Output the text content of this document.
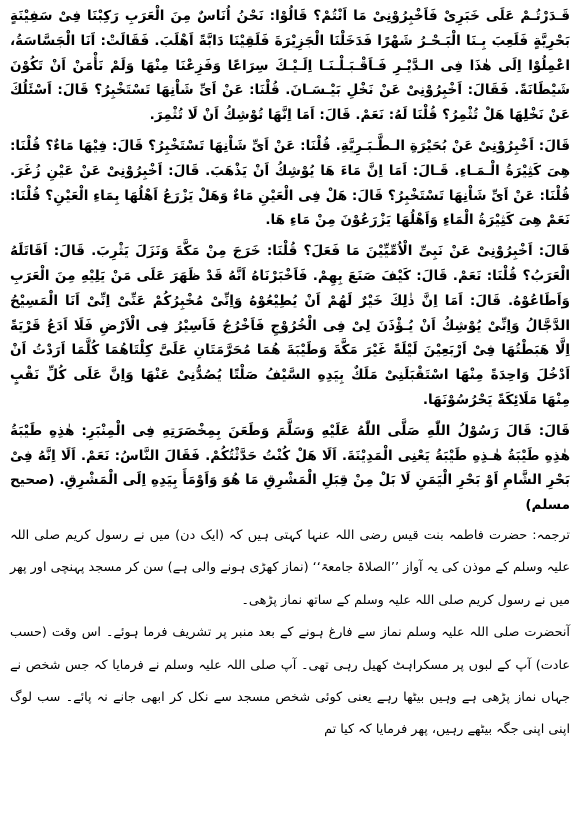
قَـدَرْتُـمْ عَلَى خَبَرِىْ فَاَخْبِرُوْنِىْ مَا اَنْتُمْ؟ قَالُوْا: نَحْنُ اُنَاسٌ مِنَ الْعَرَبِ رَكِبْنَا فِىْ سَفِيْنَةٍ بَحْرِيَّةٍ فَلَعِبَ بِـنَا الْبَـحْـرُ شَهْرًا فَدَخَلْنَا الْجَزِيْرَةَ فَلَقِيْنَا دَابَّةً اَهْلَبَ. فَقَالَتْ: اَنَا الْجَسَّاسَةُ، اعْمِلُوْا اِلَى هٰذَا فِى الـدَّيْـرِ فَـاَقْـبَـلْـنَـا اِلَـيْـكَ سِرَاعًا وَفَزِعْنَا مِنْهَا وَلَمْ نَأْمَنْ اَنْ تَكُوْنَ شَيْطَانَةً. فَقَالَ: اَخْبِرُوْنِىْ عَنْ نَخْلِ بَيْـسَـانَ. قُلْنَا: عَنْ اَىِّ شَاْنِهَا تَسْتَخْبِرُ؟ قَالَ: اَسْئَلُكَ عَنْ نَخْلِهَا هَلْ تُثْمِرُ؟ قُلْنَا لَهُ: نَعَمْ. قَالَ: اَمَا اِنَّهَا تُوْشِكُ اَنْ لَا تُثْمِرَ.

قَالَ: اَخْبِرُوْنِىْ عَنْ بُحَيْرَةِ الـطَّـبَـرِيَّةِ. قُلْنَا: عَنْ اَىِّ شَاْنِهَا تَسْتَخْبِرُ؟ قَالَ: فِيْهَا مَاءٌ؟ قُلْنَا: هِىَ كَثِيْرَةُ الْـمَـاءِ. قَـالَ: اَمَا اِنَّ مَاءَ هَا يُوْشِكُ اَنْ يَذْهَبَ. قَالَ: اَخْبِرُوْنِىْ عَنْ عَيْنِ زُغَرَ. قُلْنَا: عَنْ اَىِّ شَاْنِهَا تَسْتَخْبِرُ؟ قَالَ: هَلْ فِى الْعَيْنِ مَاءٌ وَهَلْ يَزْرَعُ اَهْلُهَا بِمَاءِ الْعَيْنِ؟ قُلْنَا: نَعَمْ هِىَ كَثِيْرَةُ الْمَاءِ وَاَهْلُهَا يَزْرَعُوْنَ مِنْ مَاءِ هَا.

قَالَ: اَخْبِرُوْنِىْ عَنْ نَبِىِّ الْاُمِّيِّيْنَ مَا فَعَلَ؟ قُلْنَا: خَرَجَ مِنْ مَكَّةَ وَنَزَلَ يَثْرِبَ. قَالَ: اَقَاتَلَهُ الْعَرَبُ؟ قُلْنَا: نَعَمْ. قَالَ: كَيْفَ صَنَعَ بِهِمْ. فَاَخْبَرْنَاهُ اَنَّهُ قَدْ ظَهَرَ عَلَى مَنْ يَلِيْهِ مِنَ الْعَرَبِ وَاَطَاعُوْهُ. قَالَ: اَمَا اِنَّ ذٰلِكَ خَيْرٌ لَهُمْ اَنْ يُطِيْعُوْهُ وَاِنِّىْ مُخْبِرُكُمْ عَنِّىْ اِنِّىْ اَنَا الْمَسِيْحُ الدَّجَّالُ وَاِنِّىْ يُوْشِكُ اَنْ يُـؤْذَنَ لِىْ فِى الْخُرُوْجِ فَاَخْرُجُ فَاَسِيْرُ فِى الْاَرْضِ فَلَا اَدَعُ قَرْيَةً اِلَّا هَبَطْتُهَا فِىْ اَرْبَعِيْنَ لَيْلَةً غَيْرَ مَكَّةَ وَطَيْبَةَ هُمَا مُحَرَّمَتَانِ عَلَىَّ كِلْتَاهُمَا كُلَّمَا اَرَدْتُ اَنْ اَدْخُلَ وَاحِدَةً مِنْهَا اسْتَقْبَلَنِىْ مَلَكٌ بِيَدِهِ السَّيْفُ صَلْتًا يُصُدُّنِىْ عَنْهَا وَاِنَّ عَلَى كُلِّ نَقْبٍ مِنْهَا مَلَائِكَةً يَحْرُسُوْنَهَا.

قَالَ: قَالَ رَسُوْلُ اللّٰهِ صَلَّى اللّٰهُ عَلَيْهِ وَسَلَّمَ وَطَعَنَ بِمِخْصَرَتِهِ فِى الْمِنْبَرِ: هٰذِهِ طَيْبَةُ هٰذِهِ طَيْبَةُ هٰـذِهِ طَيْبَةُ يَعْنِى الْمَدِيْنَةَ. اَلَا هَلْ كُنْتُ حَدَّثْتُكُمْ. فَقَالَ النَّاسُ: نَعَمْ. اَلَا اِنَّهُ فِىْ بَحْرِ الشَّامِ اَوْ بَحْرِ الْيَمَنِ لَا بَلْ مِنْ قِبَلِ الْمَشْرِقِ مَا هُوَ وَاَوْمَأَ بِيَدِهِ اِلَى الْمَشْرِقِ. (صحيح مسلم)

ترجمہ: حضرت فاطمہ بنت قیس رضی اللہ عنہا کہتی ہیں کہ (ایک دن) میں نے رسول کریم صلی اللہ علیہ وسلم کے موذن کی یہ آواز ’’الصلاۃ جامعۃ‘‘ (نماز کھڑی ہونے والی ہے) سن کر مسجد پہنچی اور پھر میں نے رسول کریم صلی اللہ علیہ وسلم کے ساتھ نماز پڑھی۔

آنحضرت صلی اللہ علیہ وسلم نماز سے فارغ ہونے کے بعد منبر پر تشریف فرما ہوئے۔ اس وقت (حسب عادت) آپ کے لبوں پر مسکراہٹ کھیل رہی تھی۔ آپ صلی اللہ علیہ وسلم نے فرمایا کہ جس شخص نے جہاں نماز پڑھی ہے وہیں بیٹھا رہے یعنی کوئی شخص مسجد سے نکل کر ابھی جانے نہ پائے۔ سب لوگ اپنی اپنی جگہ بیٹھے رہیں، پھر فرمایا کہ کیا تم
